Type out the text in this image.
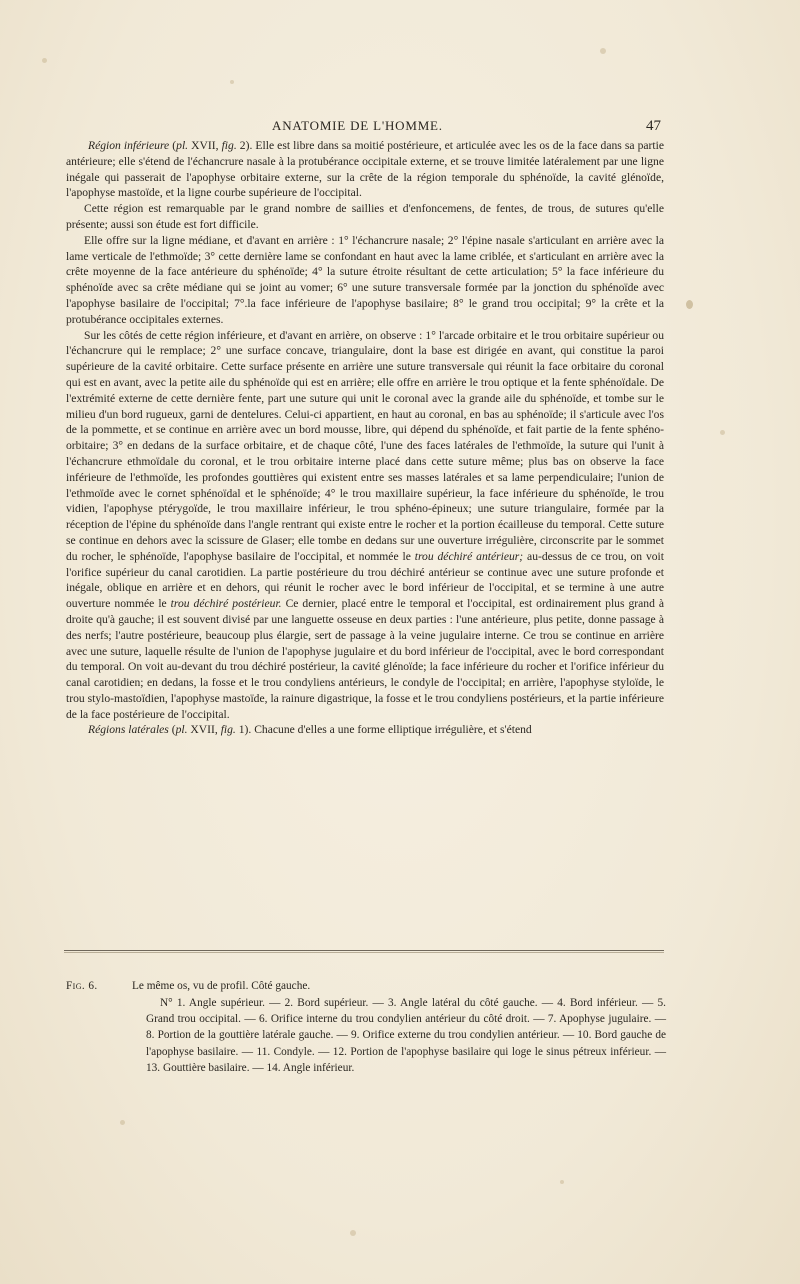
ANATOMIE DE L'HOMME.	47

Région inférieure (pl. XVII, fig. 2). Elle est libre dans sa moitié postérieure, et articulée avec les os de la face dans sa partie antérieure; elle s'étend de l'échancrure nasale à la protubérance occipitale externe, et se trouve limitée latéralement par une ligne inégale qui passerait de l'apophyse orbitaire externe, sur la crête de la région temporale du sphénoïde, la cavité glénoïde, l'apophyse mastoïde, et la ligne courbe supérieure de l'occipital.

Cette région est remarquable par le grand nombre de saillies et d'enfoncemens, de fentes, de trous, de sutures qu'elle présente; aussi son étude est fort difficile.

Elle offre sur la ligne médiane, et d'avant en arrière : 1° l'échancrure nasale; 2° l'épine nasale s'articulant en arrière avec la lame verticale de l'ethmoïde; 3° cette dernière lame se confondant en haut avec la lame criblée, et s'articulant en arrière avec la crête moyenne de la face antérieure du sphénoïde; 4° la suture étroite résultant de cette articulation; 5° la face inférieure du sphénoïde avec sa crête médiane qui se joint au vomer; 6° une suture transversale formée par la jonction du sphénoïde avec l'apophyse basilaire de l'occipital; 7°.la face inférieure de l'apophyse basilaire; 8° le grand trou occipital; 9° la crête et la protubérance occipitales externes.

Sur les côtés de cette région inférieure, et d'avant en arrière, on observe : 1° l'arcade orbitaire et le trou orbitaire supérieur ou l'échancrure qui le remplace; 2° une surface concave, triangulaire, dont la base est dirigée en avant, qui constitue la paroi supérieure de la cavité orbitaire. Cette surface présente en arrière une suture transversale qui réunit la face orbitaire du coronal qui est en avant, avec la petite aile du sphénoïde qui est en arrière; elle offre en arrière le trou optique et la fente sphénoïdale. De l'extrémité externe de cette dernière fente, part une suture qui unit le coronal avec la grande aile du sphénoïde, et tombe sur le milieu d'un bord rugueux, garni de dentelures. Celui-ci appartient, en haut au coronal, en bas au sphénoïde; il s'articule avec l'os de la pommette, et se continue en arrière avec un bord mousse, libre, qui dépend du sphénoïde, et fait partie de la fente sphéno-orbitaire; 3° en dedans de la surface orbitaire, et de chaque côté, l'une des faces latérales de l'ethmoïde, la suture qui l'unit à l'échancrure ethmoïdale du coronal, et le trou orbitaire interne placé dans cette suture même; plus bas on observe la face inférieure de l'ethmoïde, les profondes gouttières qui existent entre ses masses latérales et sa lame perpendiculaire; l'union de l'ethmoïde avec le cornet sphénoïdal et le sphénoïde; 4° le trou maxillaire supérieur, la face inférieure du sphénoïde, le trou vidien, l'apophyse ptérygoïde, le trou maxillaire inférieur, le trou sphéno-épineux; une suture triangulaire, formée par la réception de l'épine du sphénoïde dans l'angle rentrant qui existe entre le rocher et la portion écailleuse du temporal. Cette suture se continue en dehors avec la scissure de Glaser; elle tombe en dedans sur une ouverture irrégulière, circonscrite par le sommet du rocher, le sphénoïde, l'apophyse basilaire de l'occipital, et nommée le trou déchiré antérieur; au-dessus de ce trou, on voit l'orifice supérieur du canal carotidien. La partie postérieure du trou déchiré antérieur se continue avec une suture profonde et inégale, oblique en arrière et en dehors, qui réunit le rocher avec le bord inférieur de l'occipital, et se termine à une autre ouverture nommée le trou déchiré postérieur. Ce dernier, placé entre le temporal et l'occipital, est ordinairement plus grand à droite qu'à gauche; il est souvent divisé par une languette osseuse en deux parties : l'une antérieure, plus petite, donne passage à des nerfs; l'autre postérieure, beaucoup plus élargie, sert de passage à la veine jugulaire interne. Ce trou se continue en arrière avec une suture, laquelle résulte de l'union de l'apophyse jugulaire et du bord inférieur de l'occipital, avec le bord correspondant du temporal. On voit au-devant du trou déchiré postérieur, la cavité glénoïde; la face inférieure du rocher et l'orifice inférieur du canal carotidien; en dedans, la fosse et le trou condyliens antérieurs, le condyle de l'occipital; en arrière, l'apophyse styloïde, le trou stylo-mastoïdien, l'apophyse mastoïde, la rainure digastrique, la fosse et le trou condyliens postérieurs, et la partie inférieure de la face postérieure de l'occipital.

Régions latérales (pl. XVII, fig. 1). Chacune d'elles a une forme elliptique irrégulière, et s'étend

Fig. 6.	Le même os, vu de profil. Côté gauche.
N° 1. Angle supérieur. — 2. Bord supérieur. — 3. Angle latéral du côté gauche. — 4. Bord inférieur. — 5. Grand trou occipital. — 6. Orifice interne du trou condylien antérieur du côté droit. — 7. Apophyse jugulaire. — 8. Portion de la gouttière latérale gauche. — 9. Orifice externe du trou condylien antérieur. — 10. Bord gauche de l'apophyse basilaire. — 11. Condyle. — 12. Portion de l'apophyse basilaire qui loge le sinus pétreux inférieur. — 13. Gouttière basilaire. — 14. Angle inférieur.
